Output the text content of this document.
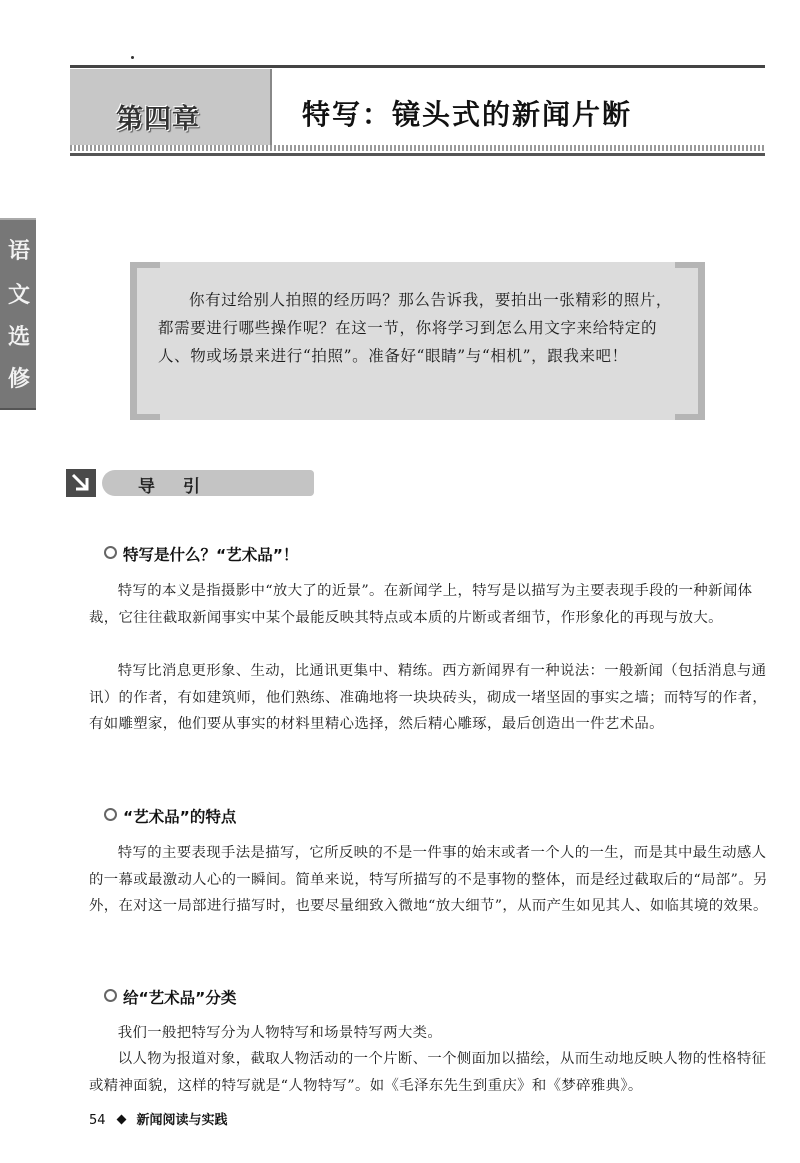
第四章	特写：镜头式的新闻片断
语
文
选
修
你有过给别人拍照的经历吗？那么告诉我，要拍出一张精彩的照片，都需要进行哪些操作呢？在这一节，你将学习到怎么用文字来给特定的人、物或场景来进行“拍照”。准备好“眼睛”与“相机”，跟我来吧！
导引
特写是什么？“艺术品”！
特写的本义是指摄影中“放大了的近景”。在新闻学上，特写是以描写为主要表现手段的一种新闻体裁，它往往截取新闻事实中某个最能反映其特点或本质的片断或者细节，作形象化的再现与放大。
特写比消息更形象、生动，比通讯更集中、精练。西方新闻界有一种说法：一般新闻（包括消息与通讯）的作者，有如建筑师，他们熟练、准确地将一块块砖头，砌成一堵坚固的事实之墙；而特写的作者，有如雕塑家，他们要从事实的材料里精心选择，然后精心雕琢，最后创造出一件艺术品。
“艺术品”的特点
特写的主要表现手法是描写，它所反映的不是一件事的始末或者一个人的一生，而是其中最生动感人的一幕或最激动人心的一瞬间。简单来说，特写所描写的不是事物的整体，而是经过截取后的“局部”。另外，在对这一局部进行描写时，也要尽量细致入微地“放大细节”，从而产生如见其人、如临其境的效果。
给“艺术品”分类
我们一般把特写分为人物特写和场景特写两大类。
以人物为报道对象，截取人物活动的一个片断、一个侧面加以描绘，从而生动地反映人物的性格特征或精神面貌，这样的特写就是“人物特写”。如《毛泽东先生到重庆》和《梦碎雅典》。
54 新闻阅读与实践
